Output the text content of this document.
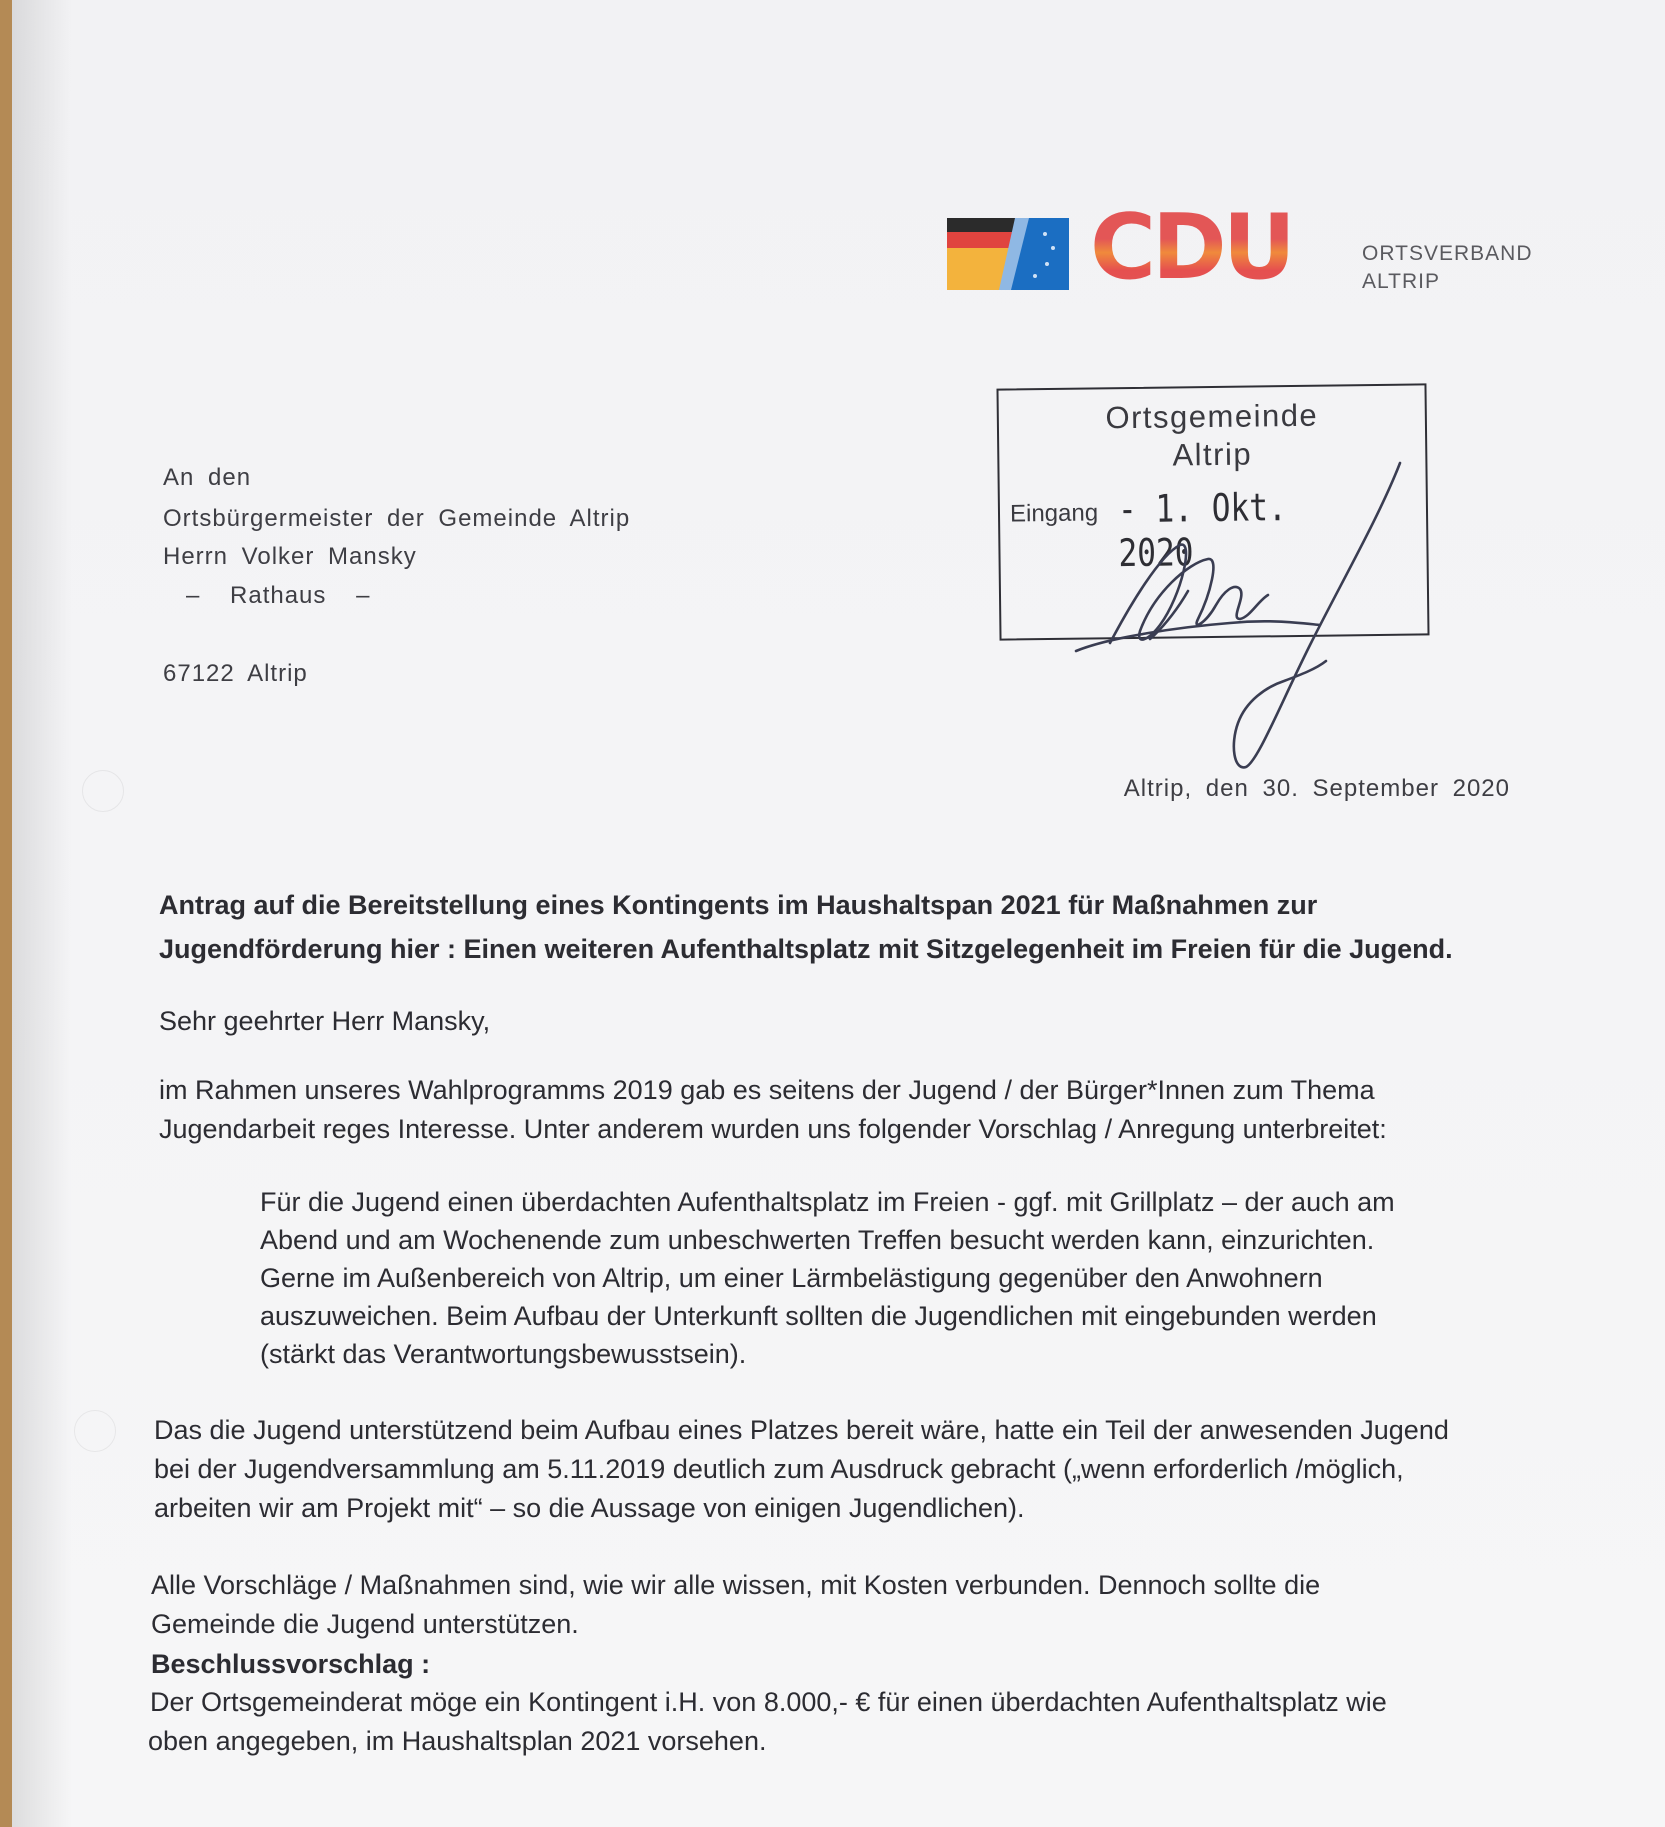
CDU	ORTSVERBAND
ALTRIP
An den
Ortsbürgermeister der Gemeinde Altrip
Herrn Volker Mansky
– Rathaus –
67122 Altrip
Ortsgemeinde
Altrip
Eingang - 1. Okt. 2020
Altrip, den 30. September 2020
Antrag auf die Bereitstellung eines Kontingents im Haushaltspan 2021 für Maßnahmen zur
Jugendförderung hier : Einen weiteren Aufenthaltsplatz mit Sitzgelegenheit im Freien für die Jugend.
Sehr geehrter Herr Mansky,
im Rahmen unseres Wahlprogramms 2019 gab es seitens der Jugend / der Bürger*Innen zum Thema
Jugendarbeit reges Interesse. Unter anderem wurden uns folgender Vorschlag / Anregung unterbreitet:
Für die Jugend einen überdachten Aufenthaltsplatz im Freien - ggf. mit Grillplatz – der auch am
Abend und am Wochenende zum unbeschwerten Treffen besucht werden kann, einzurichten.
Gerne im Außenbereich von Altrip, um einer Lärmbelästigung gegenüber den Anwohnern
auszuweichen. Beim Aufbau der Unterkunft sollten die Jugendlichen mit eingebunden werden
(stärkt das Verantwortungsbewusstsein).
Das die Jugend unterstützend beim Aufbau eines Platzes bereit wäre, hatte ein Teil der anwesenden Jugend
bei der Jugendversammlung am 5.11.2019 deutlich zum Ausdruck gebracht („wenn erforderlich /möglich,
arbeiten wir am Projekt mit“ – so die Aussage von einigen Jugendlichen).
Alle Vorschläge / Maßnahmen sind, wie wir alle wissen, mit Kosten verbunden. Dennoch sollte die
Gemeinde die Jugend unterstützen.
Beschlussvorschlag :
Der Ortsgemeinderat möge ein Kontingent i.H. von 8.000,- € für einen überdachten Aufenthaltsplatz wie
oben angegeben, im Haushaltsplan 2021 vorsehen.
